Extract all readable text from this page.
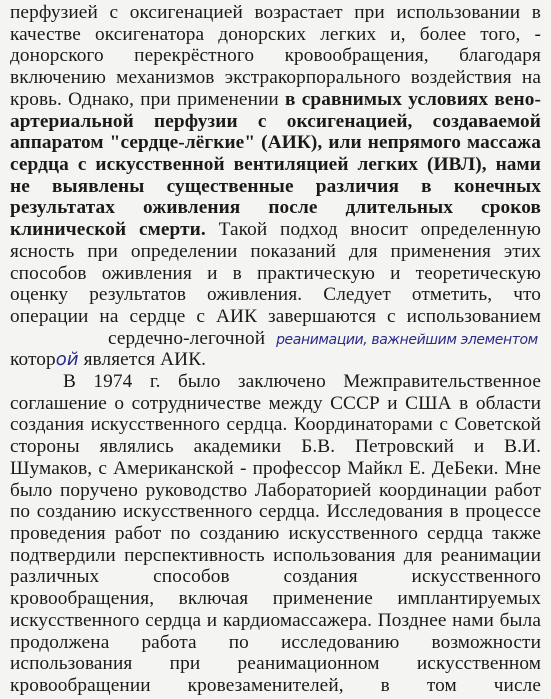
перфузией с оксигенацией возрастает при использовании в
качестве оксигенатора донорских легких и, более того, -
донорского перекрёстного кровообращения, благодаря
включению механизмов экстракорпорального воздействия на
кровь. Однако, при применении в сравнимых условиях вено-
артериальной перфузии с оксигенацией, создаваемой
аппаратом "сердце-лёгкие" (АИК), или непрямого массажа
сердца с искусственной вентиляцией легких (ИВЛ), нами
не выявлены существенные различия в конечных
результатах оживления после длительных сроков
клинической смерти. Такой подход вносит определенную
ясность при определении показаний для применения этих
способов оживления и в практическую и теоретическую
оценку результатов оживления. Следует отметить, что
операции на сердце с АИК завершаются с использованием
сердечно-легочной реанимации, важнейшим элементом
которой является АИК.
В 1974 г. было заключено Межправительственное
соглашение о сотрудничестве между СССР и США в области
создания искусственного сердца. Координаторами с Советской
стороны являлись академики Б.В. Петровский и В.И.
Шумаков, с Американской - профессор Майкл Е. ДеБеки. Мне
было поручено руководство Лабораторией координации работ
по созданию искусственного сердца. Исследования в процессе
проведения работ по созданию искусственного сердца также
подтвердили перспективность использования для реанимации
различных способов создания искусственного
кровообращения, включая применение имплантируемых
искусственного сердца и кардиомассажера. Позднее нами была
продолжена работа по исследованию возможности
использования при реанимационном искусственном
кровообращении кровезаменителей, в том числе
